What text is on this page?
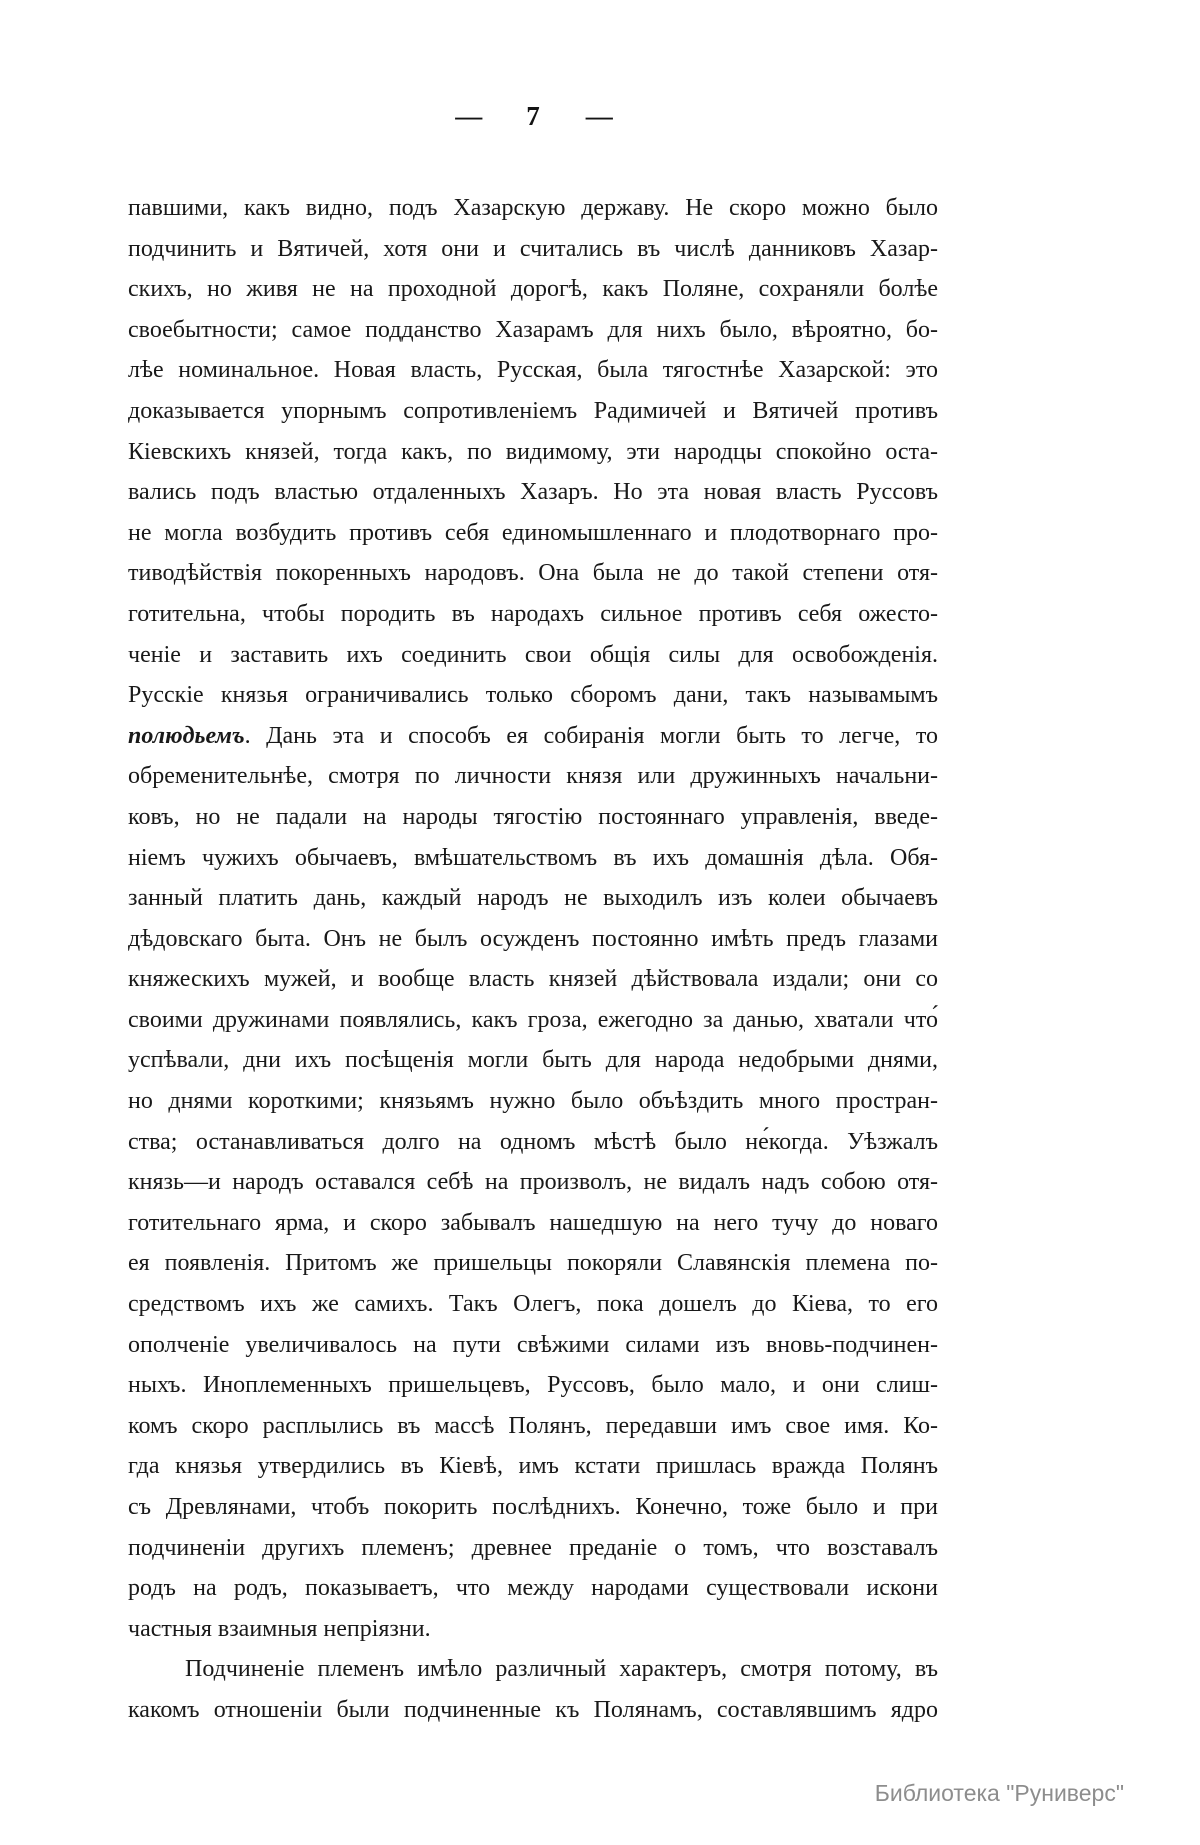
— 7 —
павшими, какъ видно, подъ Хазарскую державу. Не скоро можно было
подчинить и Вятичей, хотя они и считались въ числѣ данниковъ Хазар-
скихъ, но живя не на проходной дорогѣ, какъ Поляне, сохраняли болѣе
своебытности; самое подданство Хазарамъ для нихъ было, вѣроятно, бо-
лѣе номинальное. Новая власть, Русская, была тягостнѣе Хазарской: это
доказывается упорнымъ сопротивленіемъ Радимичей и Вятичей противъ
Кіевскихъ князей, тогда какъ, по видимому, эти народцы спокойно оста-
вались подъ властью отдаленныхъ Хазаръ. Но эта новая власть Руссовъ
не могла возбудить противъ себя единомышленнаго и плодотворнаго про-
тиводѣйствія покоренныхъ народовъ. Она была не до такой степени отя-
готительна, чтобы породить въ народахъ сильное противъ себя ожесто-
ченіе и заставить ихъ соединить свои общія силы для освобожденія.
Русскіе князья ограничивались только сборомъ дани, такъ называмымъ
полюдьемъ. Дань эта и способъ ея собиранія могли быть то легче, то
обременительнѣе, смотря по личности князя или дружинныхъ начальни-
ковъ, но не падали на народы тягостію постояннаго управленія, введе-
ніемъ чужихъ обычаевъ, вмѣшательствомъ въ ихъ домашнія дѣла. Обя-
занный платить дань, каждый народъ не выходилъ изъ колеи обычаевъ
дѣдовскаго быта. Онъ не былъ осужденъ постоянно имѣть предъ глазами
княжескихъ мужей, и вообще власть князей дѣйствовала издали; они со
своими дружинами появлялись, какъ гроза, ежегодно за данью, хватали что́
успѣвали, дни ихъ посѣщенія могли быть для народа недобрыми днями,
но днями короткими; князьямъ нужно было объѣздить много простран-
ства; останавливаться долго на одномъ мѣстѣ было не́когда. Уѣзжалъ
князь—и народъ оставался себѣ на произволъ, не видалъ надъ собою отя-
готительнаго ярма, и скоро забывалъ нашедшую на него тучу до новаго
ея появленія. Притомъ же пришельцы покоряли Славянскія племена по-
средствомъ ихъ же самихъ. Такъ Олегъ, пока дошелъ до Кіева, то его
ополченіе увеличивалось на пути свѣжими силами изъ вновь-подчинен-
ныхъ. Иноплеменныхъ пришельцевъ, Руссовъ, было мало, и они слиш-
комъ скоро расплылись въ массѣ Полянъ, передавши имъ свое имя. Ко-
гда князья утвердились въ Кіевѣ, имъ кстати пришлась вражда Полянъ
съ Древлянами, чтобъ покорить послѣднихъ. Конечно, тоже было и при
подчиненіи другихъ племенъ; древнее преданіе о томъ, что возставалъ
родъ на родъ, показываетъ, что между народами существовали искони
частныя взаимныя непріязни.
Подчиненіе племенъ имѣло различный характеръ, смотря потому, въ
какомъ отношеніи были подчиненные къ Полянамъ, составлявшимъ ядро
Библиотека "Руниверс"
